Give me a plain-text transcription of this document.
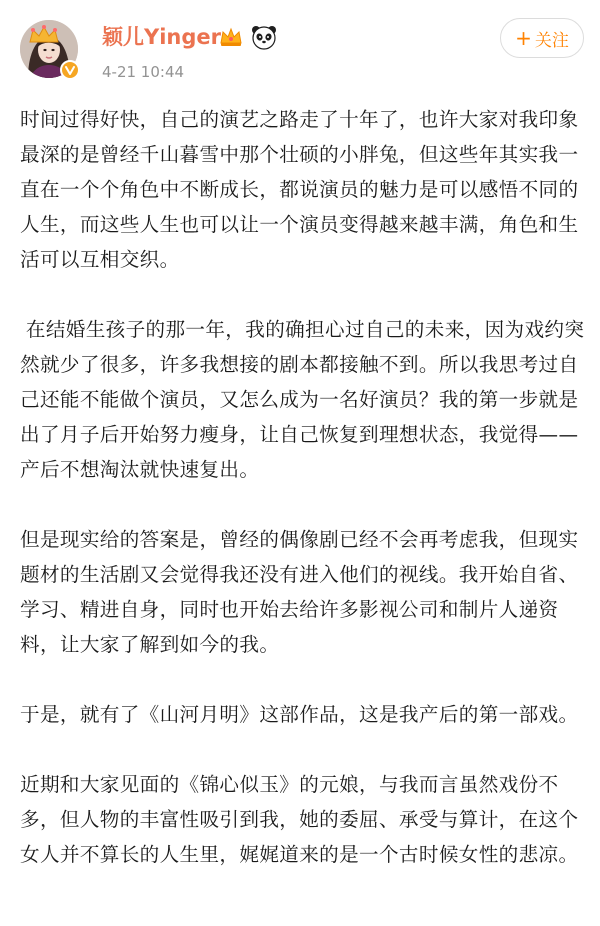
颖儿Yinger
4-21 10:44
+ 关注

时间过得好快，自己的演艺之路走了十年了，也许大家对我印象最深的是曾经千山暮雪中那个壮硕的小胖兔，但这些年其实我一直在一个个角色中不断成长，都说演员的魅力是可以感悟不同的人生，而这些人生也可以让一个演员变得越来越丰满，角色和生活可以互相交织。

在结婚生孩子的那一年，我的确担心过自己的未来，因为戏约突然就少了很多，许多我想接的剧本都接触不到。所以我思考过自己还能不能做个演员，又怎么成为一名好演员？我的第一步就是出了月子后开始努力瘦身，让自己恢复到理想状态，我觉得——产后不想淘汰就快速复出。

但是现实给的答案是，曾经的偶像剧已经不会再考虑我，但现实题材的生活剧又会觉得我还没有进入他们的视线。我开始自省、学习、精进自身，同时也开始去给许多影视公司和制片人递资料，让大家了解到如今的我。

于是，就有了《山河月明》这部作品，这是我产后的第一部戏。

近期和大家见面的《锦心似玉》的元娘，与我而言虽然戏份不多，但人物的丰富性吸引到我，她的委屈、承受与算计，在这个女人并不算长的人生里，娓娓道来的是一个古时候女性的悲凉。
